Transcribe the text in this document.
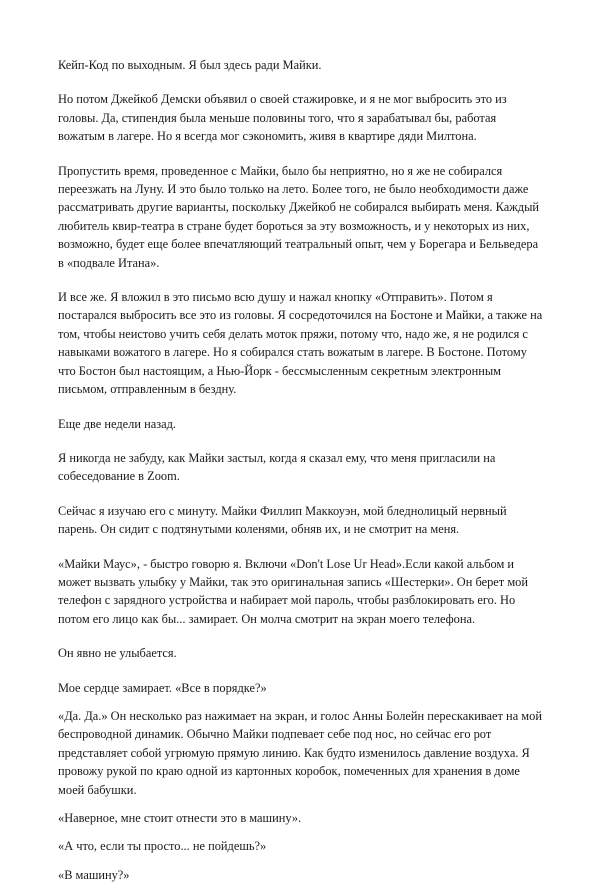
Кейп-Код по выходным. Я был здесь ради Майки.

Но потом Джейкоб Демски объявил о своей стажировке, и я не мог выбросить это из головы. Да, стипендия была меньше половины того, что я зарабатывал бы, работая вожатым в лагере. Но я всегда мог сэкономить, живя в квартире дяди Милтона.

Пропустить время, проведенное с Майки, было бы неприятно, но я же не собирался переезжать на Луну. И это было только на лето. Более того, не было необходимости даже рассматривать другие варианты, поскольку Джейкоб не собирался выбирать меня. Каждый любитель квир-театра в стране будет бороться за эту возможность, и у некоторых из них, возможно, будет еще более впечатляющий театральный опыт, чем у Борегара и Бельведера в «подвале Итана».

И все же. Я вложил в это письмо всю душу и нажал кнопку «Отправить». Потом я постарался выбросить все это из головы. Я сосредоточился на Бостоне и Майки, а также на том, чтобы неистово учить себя делать моток пряжи, потому что, надо же, я не родился с навыками вожатого в лагере. Но я собирался стать вожатым в лагере. В Бостоне. Потому что Бостон был настоящим, а Нью-Йорк - бессмысленным секретным электронным письмом, отправленным в бездну.

Еще две недели назад.

Я никогда не забуду, как Майки застыл, когда я сказал ему, что меня пригласили на собеседование в Zoom.

Сейчас я изучаю его с минуту. Майки Филлип Маккоуэн, мой бледнолицый нервный парень. Он сидит с подтянутыми коленями, обняв их, и не смотрит на меня.

«Майки Маус», - быстро говорю я. Включи «Don't Lose Ur Head».Если какой альбом и может вызвать улыбку у Майки, так это оригинальная запись «Шестерки». Он берет мой телефон с зарядного устройства и набирает мой пароль, чтобы разблокировать его. Но потом его лицо как бы... замирает. Он молча смотрит на экран моего телефона.

Он явно не улыбается.

Мое сердце замирает. «Все в порядке?»

«Да. Да.» Он несколько раз нажимает на экран, и голос Анны Болейн перескакивает на мой беспроводной динамик. Обычно Майки подпевает себе под нос, но сейчас его рот представляет собой угрюмую прямую линию. Как будто изменилось давление воздуха. Я провожу рукой по краю одной из картонных коробок, помеченных для хранения в доме моей бабушки.

«Наверное, мне стоит отнести это в машину».

«А что, если ты просто... не пойдешь?»

«В машину?»
